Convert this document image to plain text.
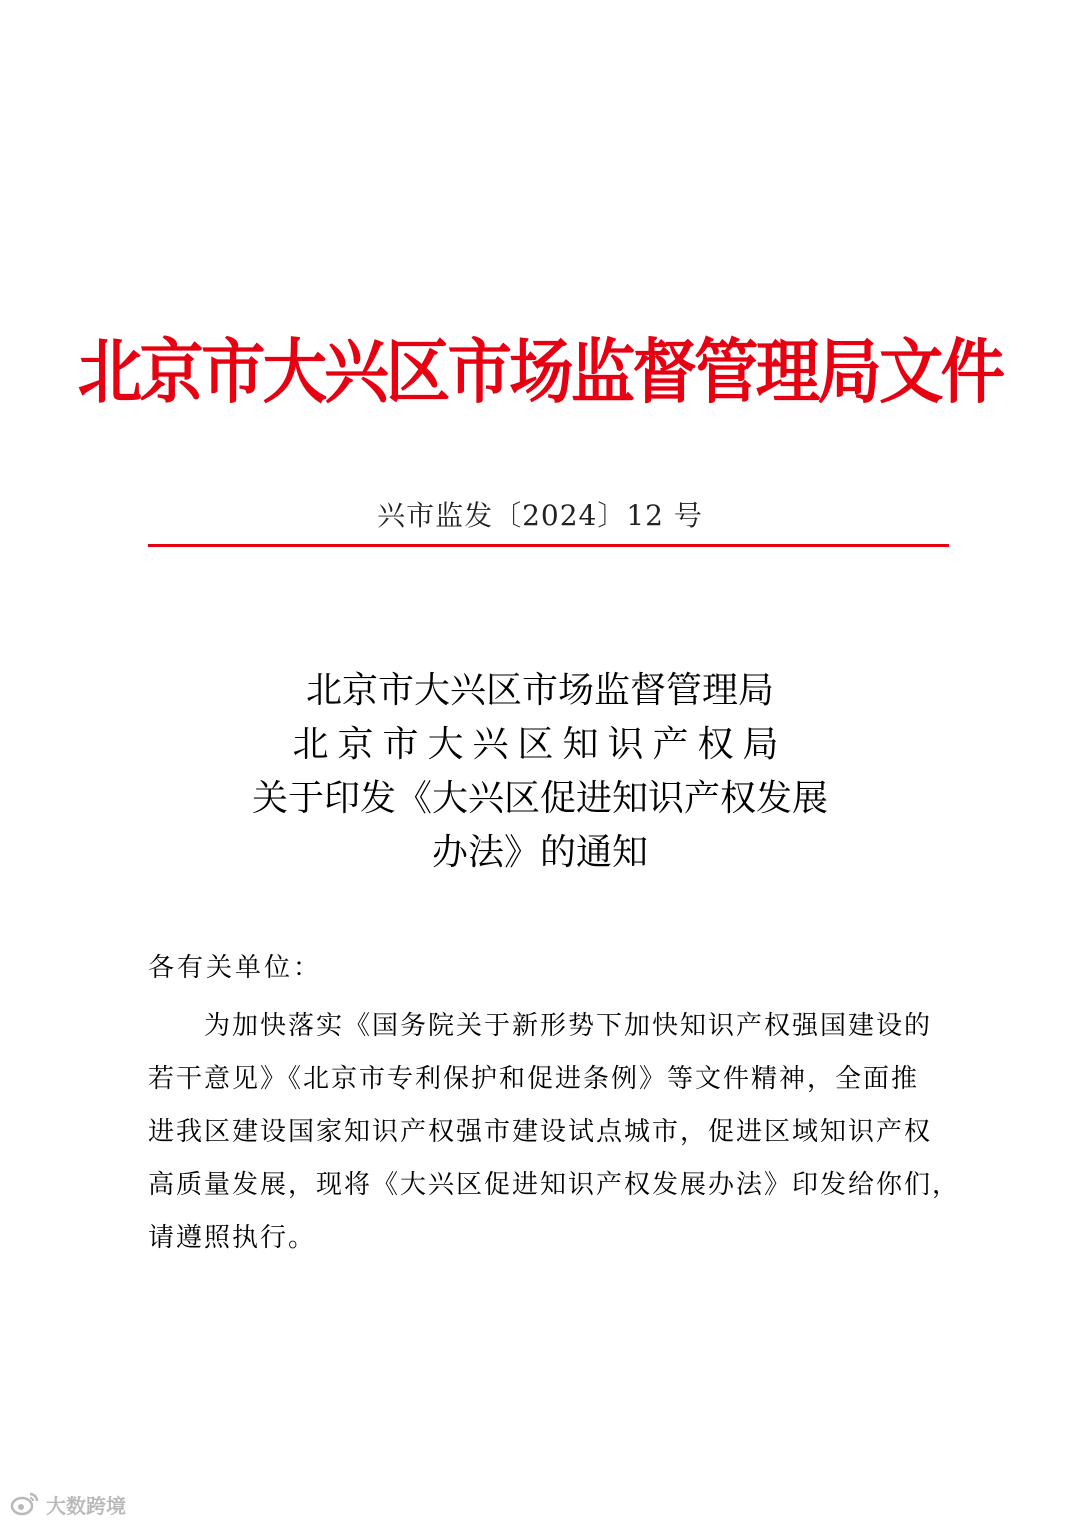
北京市大兴区市场监督管理局文件
兴市监发〔2024〕12 号
北京市大兴区市场监督管理局
北京市大兴区知识产权局
关于印发《大兴区促进知识产权发展
办法》的通知
各有关单位：
为加快落实《国务院关于新形势下加快知识产权强国建设的
若干意见》《北京市专利保护和促进条例》等文件精神，全面推
进我区建设国家知识产权强市建设试点城市，促进区域知识产权
高质量发展，现将《大兴区促进知识产权发展办法》印发给你们，
请遵照执行。
大数跨境
